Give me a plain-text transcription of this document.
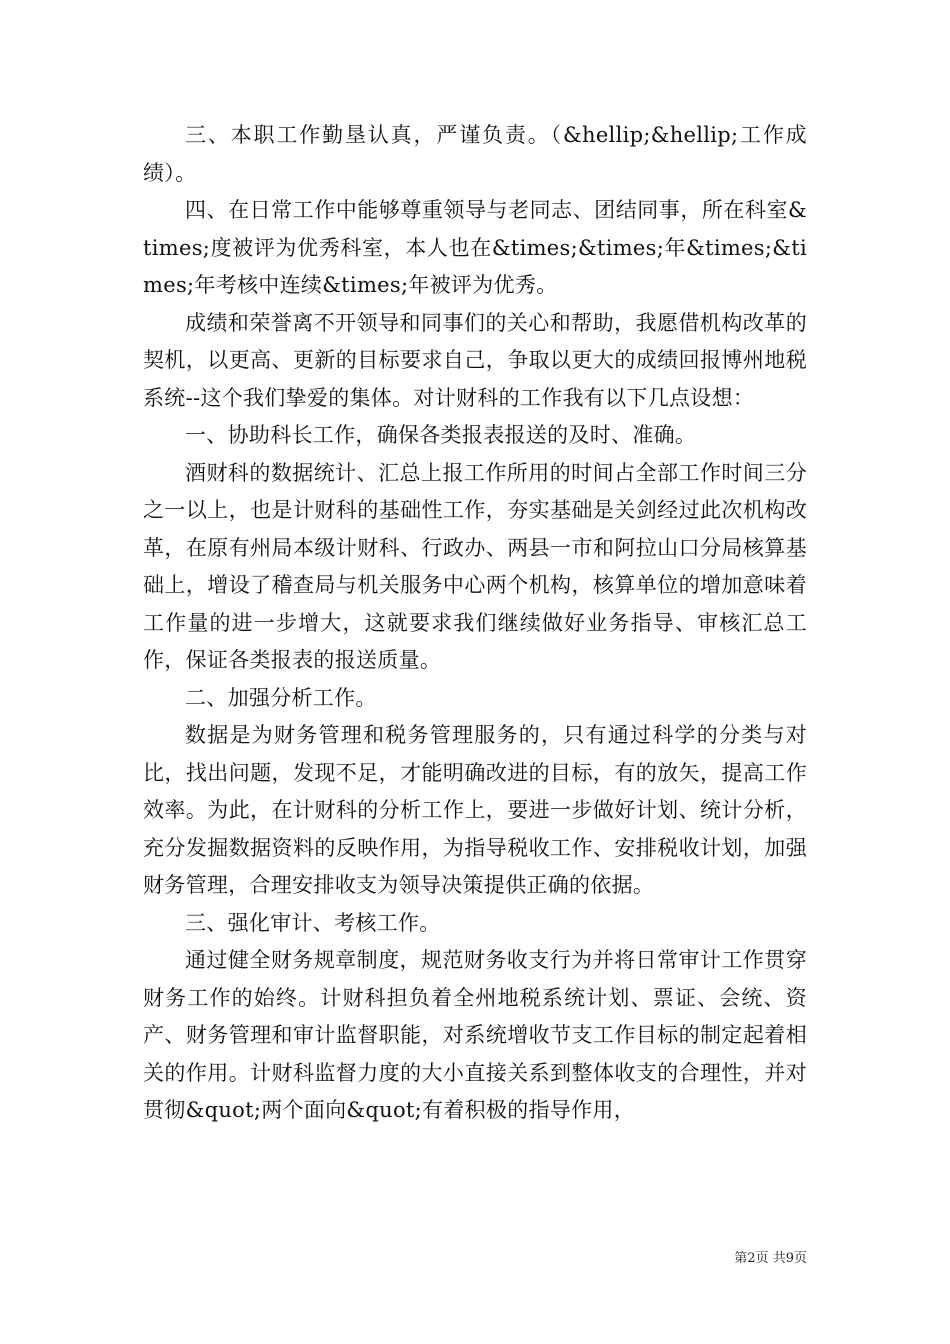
三、本职工作勤垦认真，严谨负责。（&hellip;&hellip;工作成绩）。

四、在日常工作中能够尊重领导与老同志、团结同事，所在科室&times;度被评为优秀科室，本人也在&times;&times;年&times;&times;年考核中连续&times;年被评为优秀。

成绩和荣誉离不开领导和同事们的关心和帮助，我愿借机构改革的契机，以更高、更新的目标要求自己，争取以更大的成绩回报博州地税系统--这个我们挚爱的集体。对计财科的工作我有以下几点设想：

一、协助科长工作，确保各类报表报送的及时、准确。

酒财科的数据统计、汇总上报工作所用的时间占全部工作时间三分之一以上，也是计财科的基础性工作，夯实基础是关剑经过此次机构改革，在原有州局本级计财科、行政办、两县一市和阿拉山口分局核算基础上，增设了稽查局与机关服务中心两个机构，核算单位的增加意味着工作量的进一步增大，这就要求我们继续做好业务指导、审核汇总工作，保证各类报表的报送质量。

二、加强分析工作。

数据是为财务管理和税务管理服务的，只有通过科学的分类与对比，找出问题，发现不足，才能明确改进的目标，有的放矢，提高工作效率。为此，在计财科的分析工作上，要进一步做好计划、统计分析，充分发掘数据资料的反映作用，为指导税收工作、安排税收计划，加强财务管理，合理安排收支为领导决策提供正确的依据。

三、强化审计、考核工作。

通过健全财务规章制度，规范财务收支行为并将日常审计工作贯穿财务工作的始终。计财科担负着全州地税系统计划、票证、会统、资产、财务管理和审计监督职能，对系统增收节支工作目标的制定起着相关的作用。计财科监督力度的大小直接关系到整体收支的合理性，并对贯彻&quot;两个面向&quot;有着积极的指导作用，

第2页 共9页
